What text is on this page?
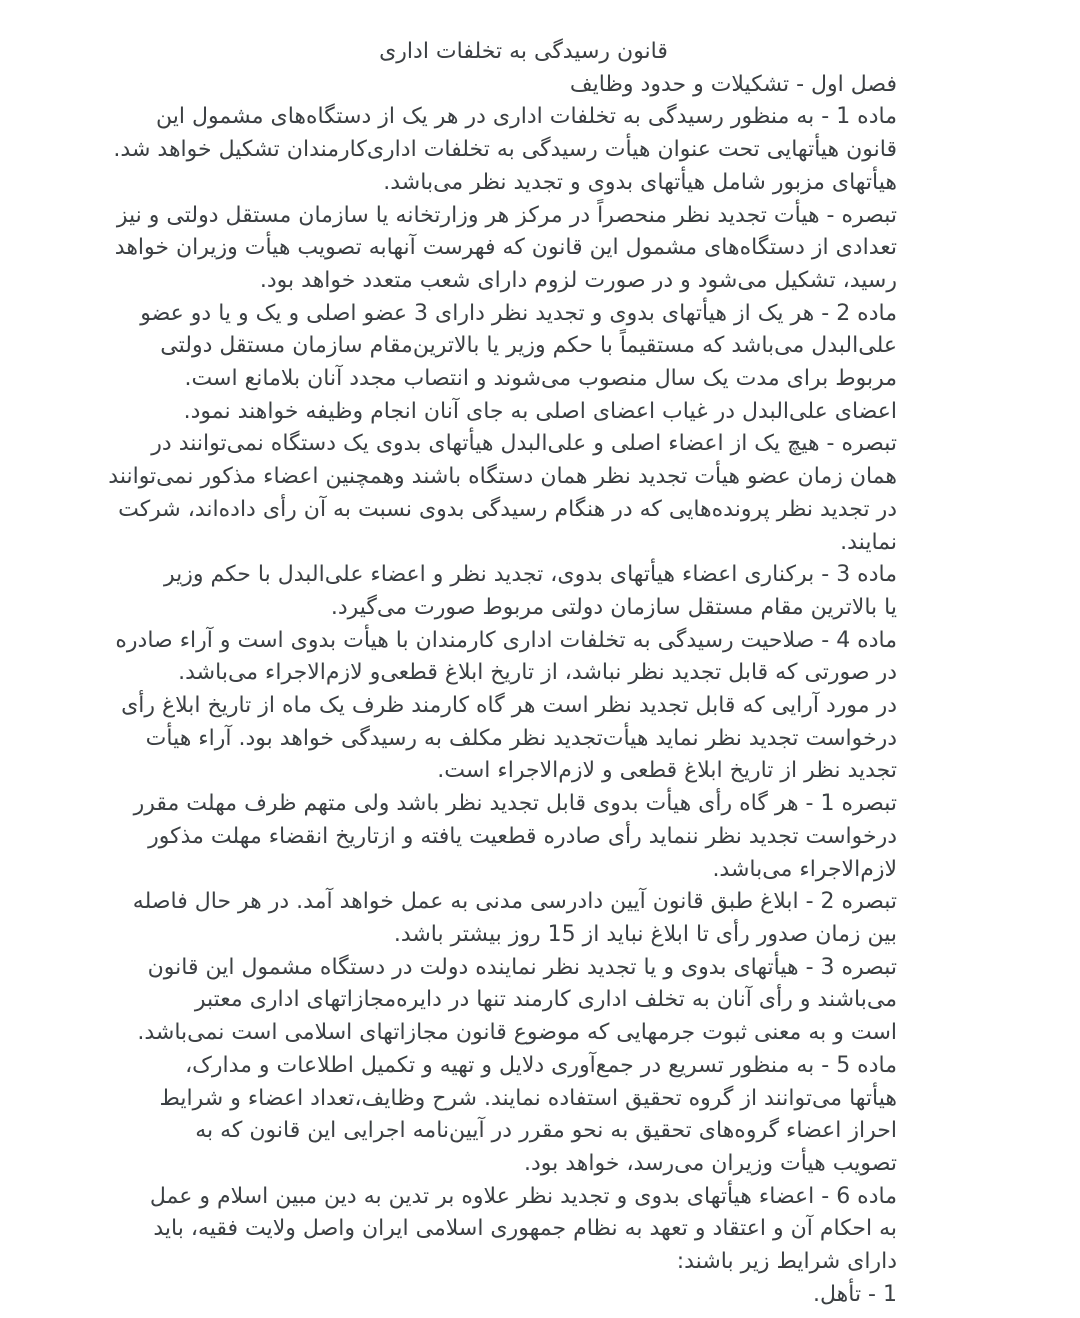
قانون رسیدگی به تخلفات اداری
فصل اول - تشکیلات و حدود وظایف
ماده 1 - به منظور رسیدگی به تخلفات اداری در هر یک از دستگاه‌های مشمول این
قانون هیأتهایی تحت عنوان هیأت رسیدگی به تخلفات اداری‌کارمندان تشکیل خواهد شد.
هیأتهای مزبور شامل هیأتهای بدوی و تجدید نظر می‌باشد.
تبصره - هیأت تجدید نظر منحصراً در مرکز هر وزارتخانه یا سازمان مستقل دولتی و نیز
تعدادی از دستگاه‌های مشمول این قانون که فهرست آنهابه تصویب هیأت وزیران خواهد
رسید، تشکیل می‌شود و در صورت لزوم دارای شعب متعدد خواهد بود.
ماده 2 - هر یک از هیأتهای بدوی و تجدید نظر دارای 3 عضو اصلی و یک و یا دو عضو
علی‌البدل می‌باشد که مستقیماً با حکم وزیر یا بالاترین‌مقام سازمان مستقل دولتی
مربوط برای مدت یک سال منصوب می‌شوند و انتصاب مجدد آنان بلامانع است.
اعضای علی‌البدل در غیاب اعضای اصلی به جای آنان انجام وظیفه خواهند نمود.
تبصره - هیچ یک از اعضاء اصلی و علی‌البدل هیأتهای بدوی یک دستگاه نمی‌توانند در
همان زمان عضو هیأت تجدید نظر همان دستگاه باشند وهمچنین اعضاء مذکور نمی‌توانند
در تجدید نظر پرونده‌هایی که در هنگام رسیدگی بدوی نسبت به آن رأی داده‌اند، شرکت
نمایند.
ماده 3 - برکناری اعضاء هیأتهای بدوی، تجدید نظر و اعضاء علی‌البدل با حکم وزیر
یا بالاترین مقام مستقل سازمان دولتی مربوط صورت می‌گیرد.
ماده 4 - صلاحیت رسیدگی به تخلفات اداری کارمندان با هیأت بدوی است و آراء صادره
در صورتی که قابل تجدید نظر نباشد، از تاریخ ابلاغ قطعی‌و لازم‌الاجراء می‌باشد.
در مورد آرایی که قابل تجدید نظر است هر گاه کارمند ظرف یک ماه از تاریخ ابلاغ رأی
درخواست تجدید نظر نماید هیأت‌تجدید نظر مکلف به رسیدگی خواهد بود. آراء هیأت
تجدید نظر از تاریخ ابلاغ قطعی و لازم‌الاجراء است.
تبصره 1 - هر گاه رأی هیأت بدوی قابل تجدید نظر باشد ولی متهم ظرف مهلت مقرر
درخواست تجدید نظر ننماید رأی صادره قطعیت یافته و ازتاریخ انقضاء مهلت مذکور
لازم‌الاجراء می‌باشد.
تبصره 2 - ابلاغ طبق قانون آیین دادرسی مدنی به عمل خواهد آمد. در هر حال فاصله
بین زمان صدور رأی تا ابلاغ نباید از 15 روز بیشتر باشد.
تبصره 3 - هیأتهای بدوی و یا تجدید نظر نماینده دولت در دستگاه مشمول این قانون
می‌باشند و رأی آنان به تخلف اداری کارمند تنها در دایره‌مجازاتهای اداری معتبر
است و به معنی ثبوت جرمهایی که موضوع قانون مجازاتهای اسلامی است نمی‌باشد.
ماده 5 - به منظور تسریع در جمع‌آوری دلایل و تهیه و تکمیل اطلاعات و مدارک،
هیأتها می‌توانند از گروه تحقیق استفاده نمایند. شرح وظایف،تعداد اعضاء و شرایط
احراز اعضاء گروه‌های تحقیق به نحو مقرر در آیین‌نامه اجرایی این قانون که به
تصویب هیأت وزیران می‌رسد، خواهد بود.
ماده 6 - اعضاء هیأتهای بدوی و تجدید نظر علاوه بر تدین به دین مبین اسلام و عمل
به احکام آن و اعتقاد و تعهد به نظام جمهوری اسلامی ایران واصل ولایت فقیه، باید
دارای شرایط زیر باشند:
1 - تأهل.
